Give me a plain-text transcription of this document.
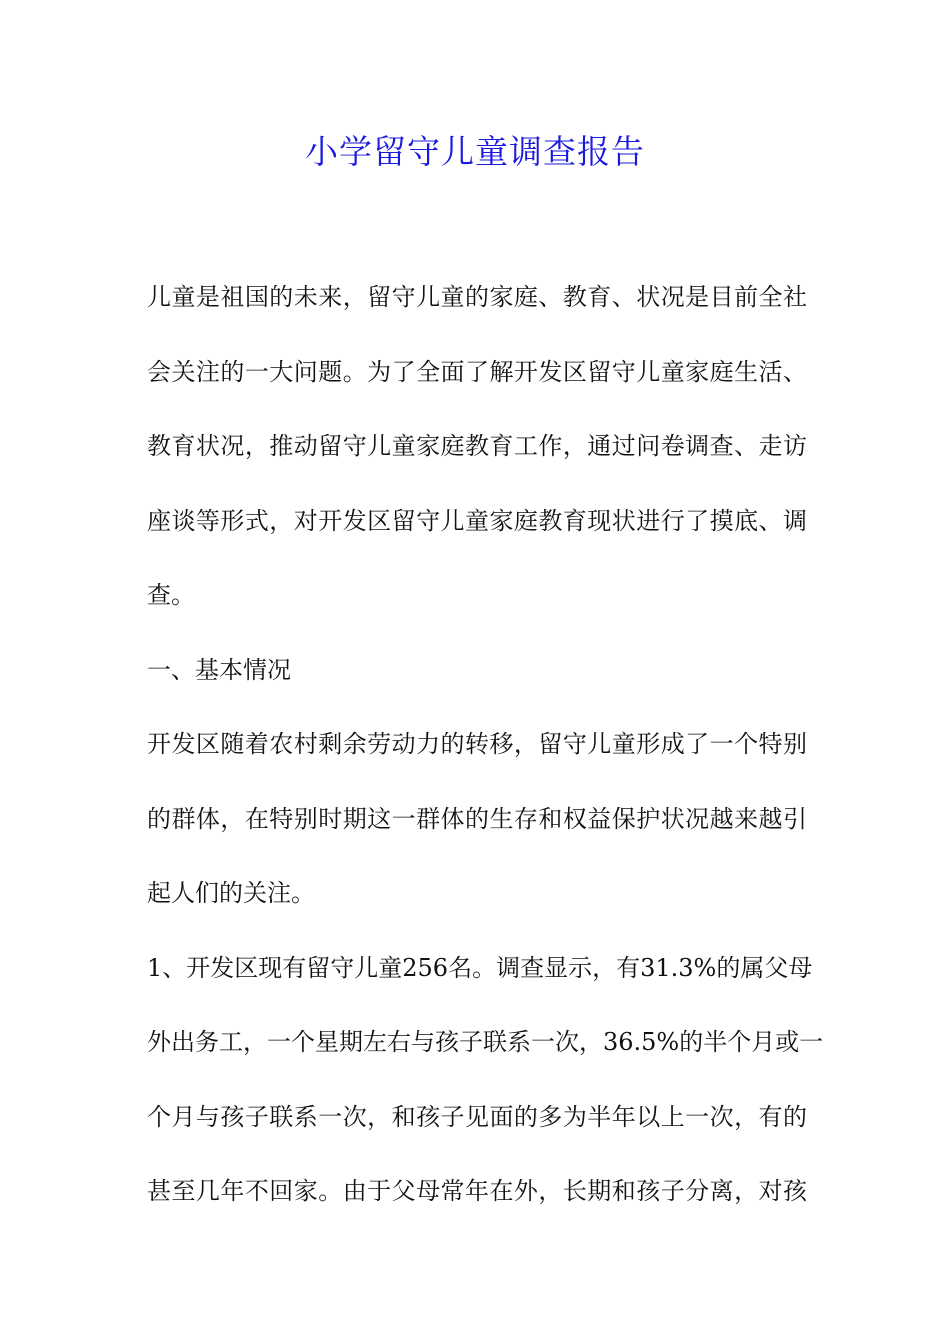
小学留守儿童调查报告
儿童是祖国的未来，留守儿童的家庭、教育、状况是目前全社
会关注的一大问题。为了全面了解开发区留守儿童家庭生活、
教育状况，推动留守儿童家庭教育工作，通过问卷调查、走访
座谈等形式，对开发区留守儿童家庭教育现状进行了摸底、调
查。
一、基本情况
开发区随着农村剩余劳动力的转移，留守儿童形成了一个特别
的群体，在特别时期这一群体的生存和权益保护状况越来越引
起人们的关注。
1、开发区现有留守儿童256名。调查显示，有31.3%的属父母
外出务工，一个星期左右与孩子联系一次，36.5%的半个月或一
个月与孩子联系一次，和孩子见面的多为半年以上一次，有的
甚至几年不回家。由于父母常年在外，长期和孩子分离，对孩
